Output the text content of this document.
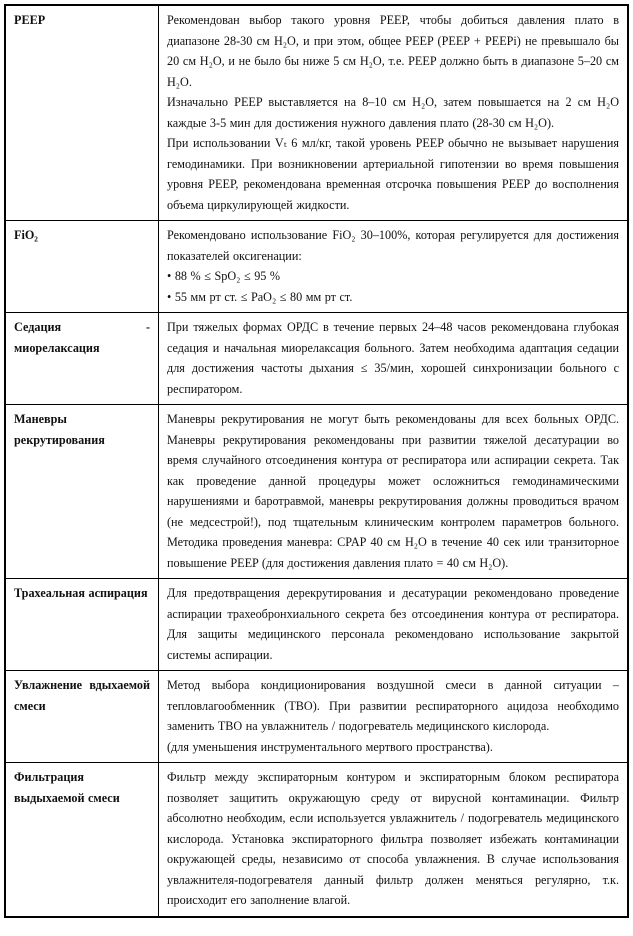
PEEP	Рекомендован выбор такого уровня PEEP, чтобы добиться давления плато в диапазоне 28-30 см H₂O, и при этом, общее PEEP (PEEP + PEEPi) не превышало бы 20 см H₂O, и не было бы ниже 5 см H₂O, т.е. PEEP должно быть в диапазоне 5–20 см H₂O.

Изначально PEEP выставляется на 8–10 см H₂O, затем повышается на 2 см H₂O каждые 3-5 мин для достижения нужного давления плато (28-30 см H₂O).

При использовании Vₜ 6 мл/кг, такой уровень PEEP обычно не вызывает нарушения гемодинамики. При возникновении артериальной гипотензии во время повышения уровня PEEP, рекомендована временная отсрочка повышения PEEP до восполнения объема циркулирующей жидкости.

FiO₂	Рекомендовано использование FiO₂ 30–100%, которая регулируется для достижения показателей оксигенации:

• 88 % ≤ SpO₂ ≤ 95 %

• 55 мм рт ст. ≤ PaO₂ ≤ 80 мм рт ст.

Седация - миорелаксация	При тяжелых формах ОРДС в течение первых 24–48 часов рекомендована глубокая седация и начальная миорелаксация больного. Затем необходима адаптация седации для достижения частоты дыхания ≤ 35/мин, хорошей синхронизации больного с респиратором.

Маневры рекрутирования	Маневры рекрутирования не могут быть рекомендованы для всех больных ОРДС. Маневры рекрутирования рекомендованы при развитии тяжелой десатурации во время случайного отсоединения контура от респиратора или аспирации секрета. Так как проведение данной процедуры может осложниться гемодинамическими нарушениями и баротравмой, маневры рекрутирования должны проводиться врачом (не медсестрой!), под тщательным клиническим контролем параметров больного. Методика проведения маневра: CPAP 40 см H₂O в течение 40 сек или транзиторное повышение PEEP (для достижения давления плато = 40 см H₂O).

Трахеальная аспирация	Для предотвращения дерекрутирования и десатурации рекомендовано проведение аспирации трахеобронхиального секрета без отсоединения контура от респиратора. Для защиты медицинского персонала рекомендовано использование закрытой системы аспирации.

Увлажнение вдыхаемой смеси	Метод выбора кондиционирования воздушной смеси в данной ситуации – тепловлагообменник (ТВО). При развитии респираторного ацидоза необходимо заменить ТВО на увлажнитель / подогреватель медицинского кислорода.

(для уменьшения инструментального мертвого пространства).

Фильтрация выдыхаемой смеси	Фильтр между экспираторным контуром и экспираторным блоком респиратора позволяет защитить окружающую среду от вирусной контаминации. Фильтр абсолютно необходим, если используется увлажнитель / подогреватель медицинского кислорода. Установка экспираторного фильтра позволяет избежать контаминации окружающей среды, независимо от способа увлажнения. В случае использования увлажнителя-подогревателя данный фильтр должен меняться регулярно, т.к. происходит его заполнение влагой.
